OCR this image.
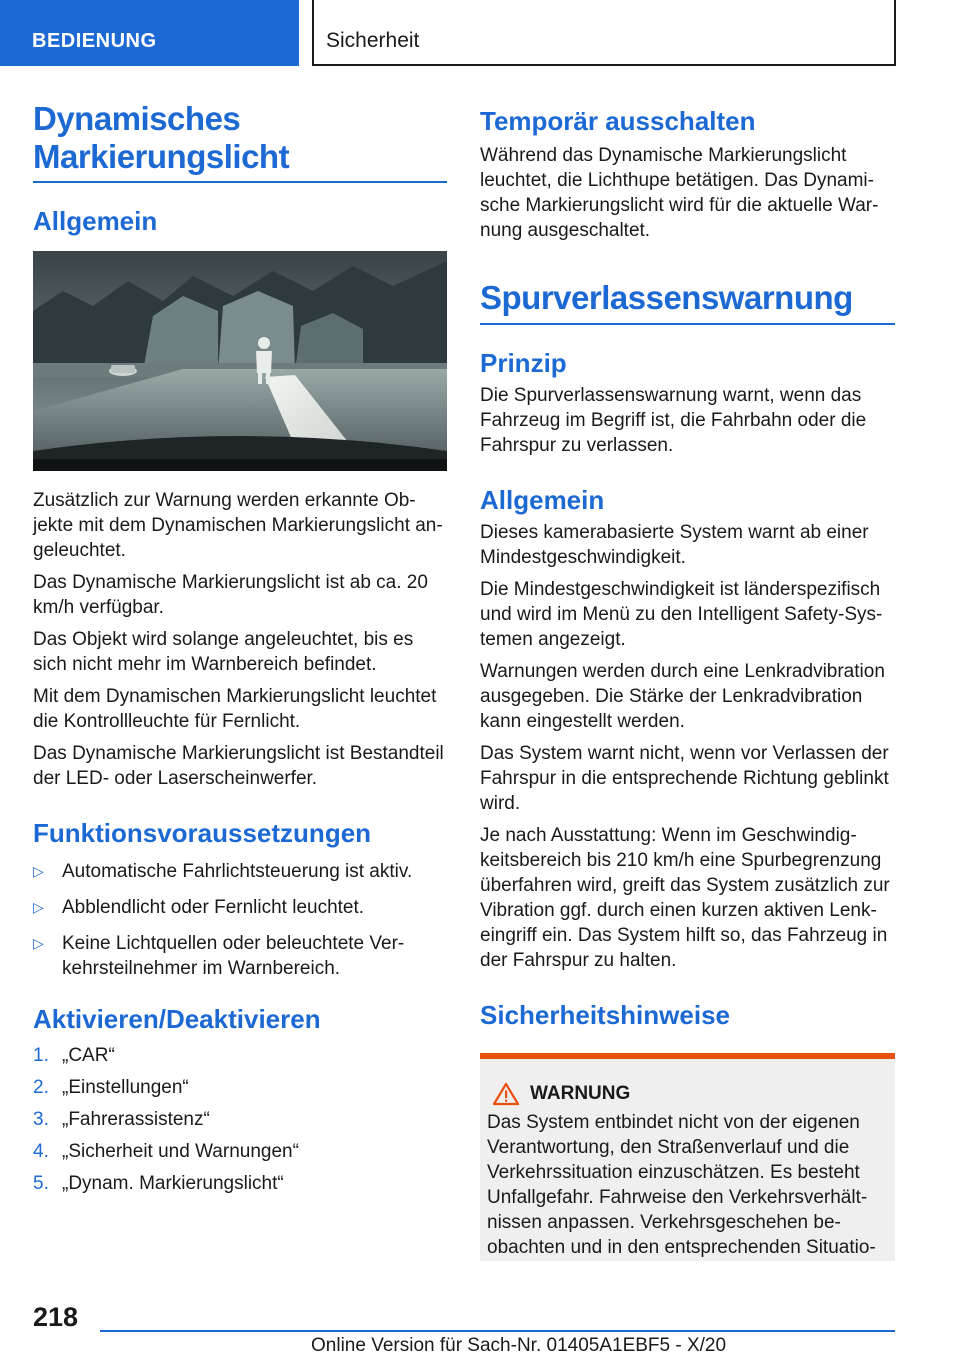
BEDIENUNG	Sicherheit
Dynamisches
Markierungslicht
Allgemein

Zusätzlich zur Warnung werden erkannte Ob-jekte mit dem Dynamischen Markierungslicht an-geleuchtet.

Das Dynamische Markierungslicht ist ab ca. 20 km/h verfügbar.

Das Objekt wird solange angeleuchtet, bis es sich nicht mehr im Warnbereich befindet.

Mit dem Dynamischen Markierungslicht leuchtet die Kontrollleuchte für Fernlicht.

Das Dynamische Markierungslicht ist Bestandteil der LED- oder Laserscheinwerfer.

Funktionsvoraussetzungen
▷ Automatische Fahrlichtsteuerung ist aktiv.
▷ Abblendlicht oder Fernlicht leuchtet.
▷ Keine Lichtquellen oder beleuchtete Ver-kehrsteilnehmer im Warnbereich.
Aktivieren/Deaktivieren
1. „CAR“
2. „Einstellungen“
3. „Fahrerassistenz“
4. „Sicherheit und Warnungen“
5. „Dynam. Markierungslicht“
Temporär ausschalten

Während das Dynamische Markierungslicht leuchtet, die Lichthupe betätigen. Das Dynami-sche Markierungslicht wird für die aktuelle War-nung ausgeschaltet.

Spurverlassenswarnung
Prinzip

Die Spurverlassenswarnung warnt, wenn das Fahrzeug im Begriff ist, die Fahrbahn oder die Fahrspur zu verlassen.

Allgemein

Dieses kamerabasierte System warnt ab einer Mindestgeschwindigkeit.

Die Mindestgeschwindigkeit ist länderspezifisch und wird im Menü zu den Intelligent Safety-Sys-temen angezeigt.

Warnungen werden durch eine Lenkradvibration ausgegeben. Die Stärke der Lenkradvibration kann eingestellt werden.

Das System warnt nicht, wenn vor Verlassen der Fahrspur in die entsprechende Richtung geblinkt wird.

Je nach Ausstattung: Wenn im Geschwindig-keitsbereich bis 210 km/h eine Spurbegrenzung überfahren wird, greift das System zusätzlich zur Vibration ggf. durch einen kurzen aktiven Lenk-eingriff ein. Das System hilft so, das Fahrzeug in der Fahrspur zu halten.

Sicherheitshinweise
WARNUNG

Das System entbindet nicht von der eigenen Verantwortung, den Straßenverlauf und die Verkehrssituation einzuschätzen. Es besteht Unfallgefahr. Fahrweise den Verkehrsverhält-nissen anpassen. Verkehrsgeschehen be-obachten und in den entsprechenden Situatio-

218
Online Version für Sach-Nr. 01405A1EBF5 - X/20
